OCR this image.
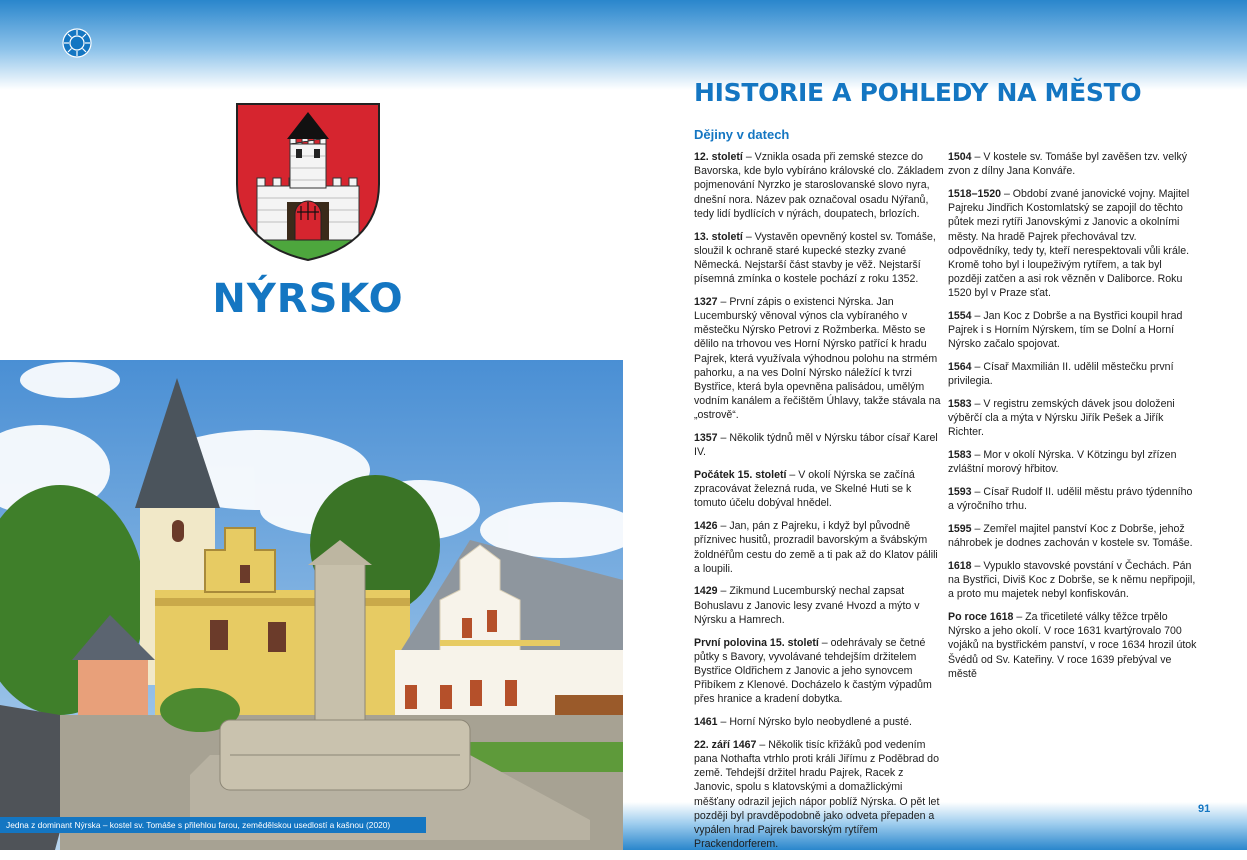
NÝRSKO
Jedna z dominant Nýrska – kostel sv. Tomáše s přilehlou farou, zemědělskou usedlostí a kašnou (2020)
HISTORIE A POHLEDY NA MĚSTO
Dějiny v datech

12. století – Vznikla osada při zemské stezce do Bavorska, kde bylo vybíráno královské clo. Základem pojmenování Nyrzko je staroslovanské slovo nyra, dnešní nora. Název pak označoval osadu Nýřanů, tedy lidí bydlících v nýrách, doupatech, brlozích.

13. století – Vystavěn opevněný kostel sv. Tomáše, sloužil k ochraně staré kupecké stezky zvané Německá. Nejstarší část stavby je věž. Nejstarší písemná zmínka o kostele pochází z roku 1352.

1327 – První zápis o existenci Nýrska. Jan Lucemburský věnoval výnos cla vybíraného v městečku Nýrsko Petrovi z Rožmberka. Město se dělilo na trhovou ves Horní Nýrsko patřící k hradu Pajrek, která využívala výhodnou polohu na strmém pahorku, a na ves Dolní Nýrsko náležící k tvrzi Bystřice, která byla opevněna palisádou, umělým vodním kanálem a řečištěm Úhlavy, takže stávala na „ostrově“.

1357 – Několik týdnů měl v Nýrsku tábor císař Karel IV.

Počátek 15. století – V okolí Nýrska se začíná zpracovávat železná ruda, ve Skelné Huti se k tomuto účelu dobýval hnědel.

1426 – Jan, pán z Pajreku, i když byl původně příznivec husitů, prozradil bavorským a švábským žoldnéřům cestu do země a ti pak až do Klatov pálili a loupili.

1429 – Zikmund Lucemburský nechal zapsat Bohuslavu z Janovic lesy zvané Hvozd a mýto v Nýrsku a Hamrech.

První polovina 15. století – odehrávaly se četné půtky s Bavory, vyvolávané tehdejším držitelem Bystřice Oldřichem z Janovic a jeho synovcem Přibíkem z Klenové. Docházelo k častým výpadům přes hranice a kradení dobytka.

1461 – Horní Nýrsko bylo neobydlené a pusté.

22. září 1467 – Několik tisíc křižáků pod vedením pana Nothafta vtrhlo proti králi Jiřímu z Poděbrad do země. Tehdejší držitel hradu Pajrek, Racek z Janovic, spolu s klatovskými a domažlickými měšťany odrazil jejich nápor poblíž Nýrska. O pět let později byl pravděpodobně jako odveta přepaden a vypálen hrad Pajrek bavorským rytířem Prackendorferem.

1504 – V kostele sv. Tomáše byl zavěšen tzv. velký zvon z dílny Jana Konváře.

1518–1520 – Období zvané janovické vojny. Majitel Pajreku Jindřich Kostomlatský se zapojil do těchto půtek mezi rytíři Janovskými z Janovic a okolními městy. Na hradě Pajrek přechovával tzv. odpovědníky, tedy ty, kteří nerespektovali vůli krále. Kromě toho byl i loupeživým rytířem, a tak byl později zatčen a asi rok vězněn v Daliborce. Roku 1520 byl v Praze sťat.

1554 – Jan Koc z Dobrše a na Bystřici koupil hrad Pajrek i s Horním Nýrskem, tím se Dolní a Horní Nýrsko začalo spojovat.

1564 – Císař Maxmilián II. udělil městečku první privilegia.

1583 – V registru zemských dávek jsou doloženi výběrčí cla a mýta v Nýrsku Jiřík Pešek a Jiřík Richter.

1583 – Mor v okolí Nýrska. V Kötzingu byl zřízen zvláštní morový hřbitov.

1593 – Císař Rudolf II. udělil městu právo týdenního a výročního trhu.

1595 – Zemřel majitel panství Koc z Dobrše, jehož náhrobek je dodnes zachován v kostele sv. Tomáše.

1618 – Vypuklo stavovské povstání v Čechách. Pán na Bystřici, Diviš Koc z Dobrše, se k němu nepřipojil, a proto mu majetek nebyl konfiskován.

Po roce 1618 – Za třicetileté války těžce trpělo Nýrsko a jeho okolí. V roce 1631 kvartýrovalo 700 vojáků na bystřickém panství, v roce 1634 hrozil útok Švédů od Sv. Kateřiny. V roce 1639 přebýval ve městě

91
